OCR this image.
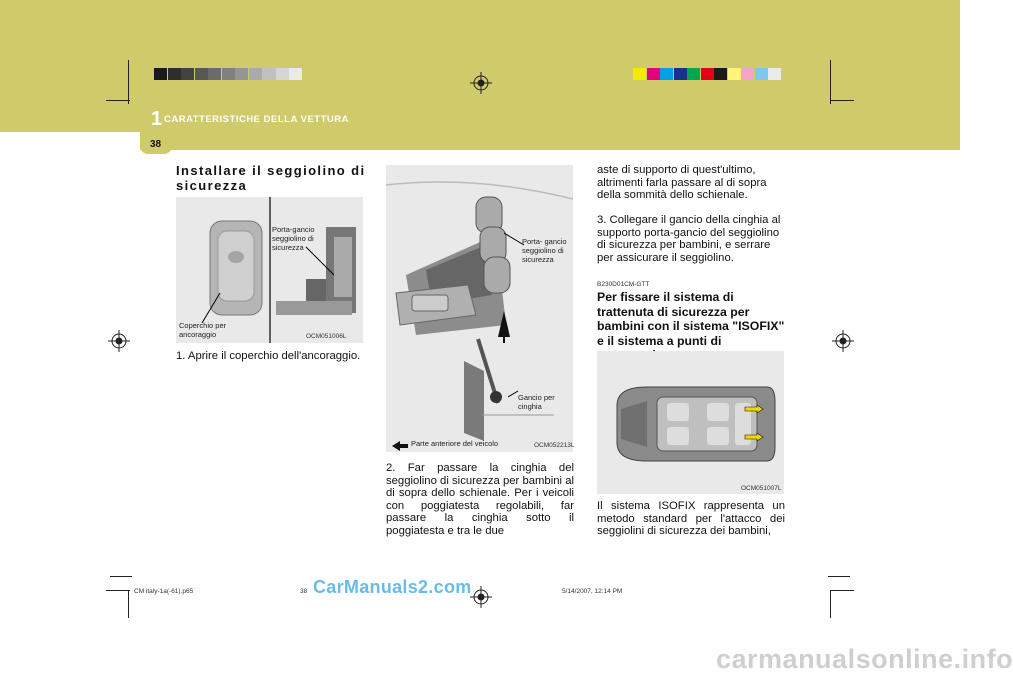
1 CARATTERISTICHE DELLA VETTURA
38
Installare il seggiolino di sicurezza
Porta-gancio seggiolino di sicurezza
Coperchio per ancoraggio	OCM051006L
1. Aprire il coperchio dell'ancoraggio.
Porta- gancio seggiolino di sicurezza
Gancio per cinghia
Parte anteriore del veicolo	OCM052213L
2. Far passare la cinghia del seggiolino di sicurezza per bambini al di sopra dello schienale. Per i veicoli con poggiatesta regolabili, far passare la cinghia sotto il poggiatesta e tra le due
aste di supporto di quest'ultimo, altrimenti farla passare al di sopra della sommità dello schienale.
3. Collegare il gancio della cinghia al supporto porta-gancio del seggiolino di sicurezza per bambini, e serrare per assicurare il seggiolino.
B230D01CM-GTT
Per fissare il sistema di trattenuta di sicurezza per bambini con il sistema "ISOFIX" e il sistema a punti di
OCM051007L
Il sistema ISOFIX rappresenta un metodo standard per l'attacco dei seggiolini di sicurezza dei bambini,
CM italy-1a(-61).p65	38	5/14/2007, 12:14 PM
CarManuals2.com
carmanualsonline.info
